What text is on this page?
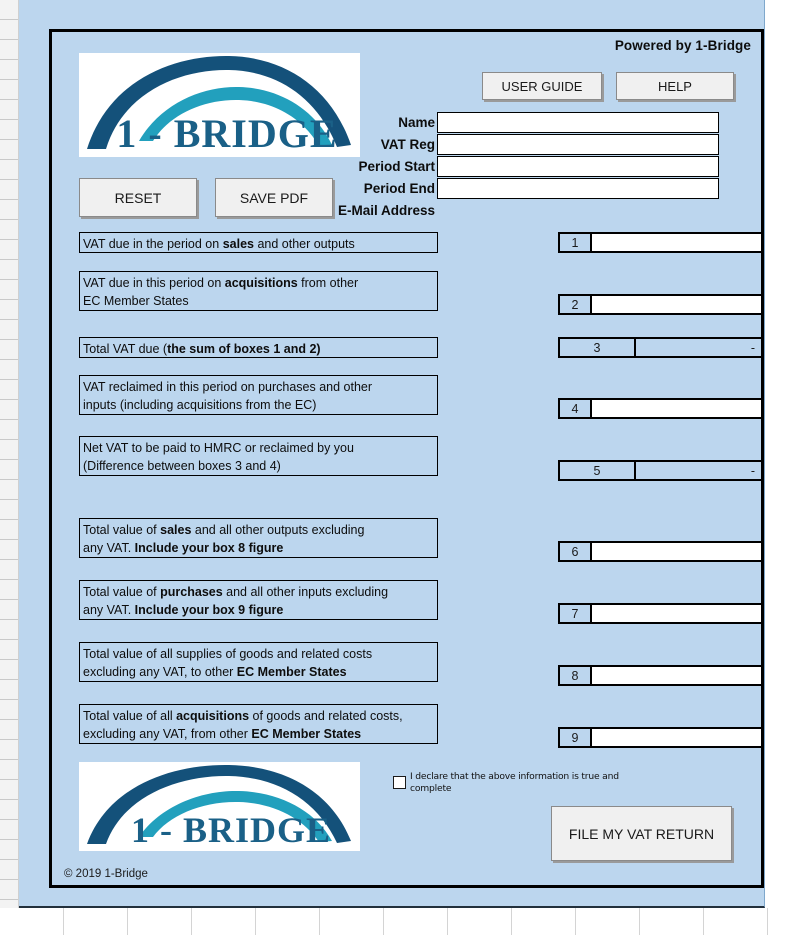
Powered by 1-Bridge
1 - BRIDGE
USER GUIDE	HELP
RESET	SAVE PDF
Name
VAT Reg
Period Start
Period End
E-Mail Address
VAT due in the period on sales and other outputs	1
VAT due in this period on acquisitions from other
EC Member States	2
Total VAT due (the sum of boxes 1 and 2)	3	-
VAT reclaimed in this period on purchases and other
inputs (including acquisitions from the EC)	4
Net VAT to be paid to HMRC or reclaimed by you
(Difference between boxes 3 and 4)	5	-
Total value of sales and all other outputs excluding
any VAT. Include your box 8 figure	6
Total value of purchases and all other inputs excluding
any VAT. Include your box 9 figure	7
Total value of all supplies of goods and related costs
excluding any VAT, to other EC Member States	8
Total value of all acquisitions of goods and related costs,
excluding any VAT, from other EC Member States	9
1 - BRIDGE
I declare that the above information is true and complete
FILE MY VAT RETURN
© 2019 1-Bridge
